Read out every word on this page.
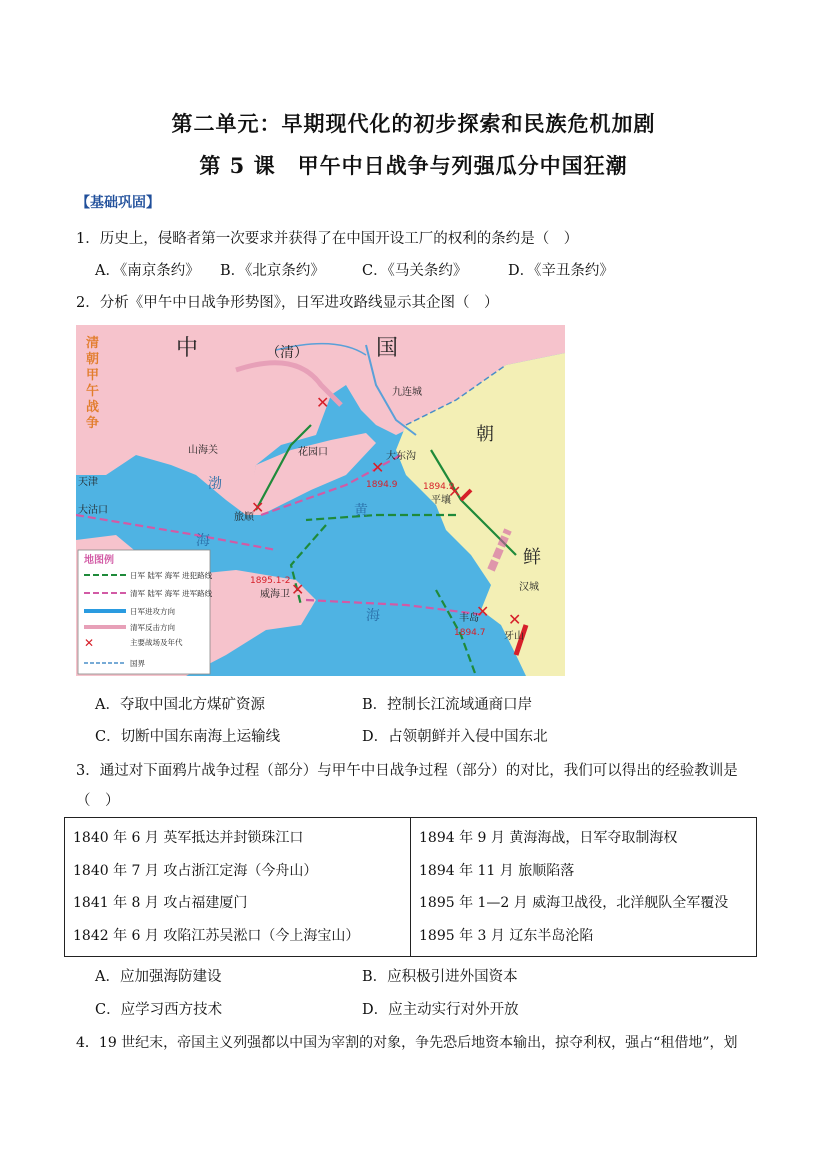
第二单元：早期现代化的初步探索和民族危机加剧
第 5 课　甲午中日战争与列强瓜分中国狂潮
【基础巩固】
1．历史上，侵略者第一次要求并获得了在中国开设工厂的权利的条约是（　）
A．《南京条约》 B．《北京条约》	C．《马关条约》	D．《辛丑条约》
2．分析《甲午中日战争形势图》，日军进攻路线显示其企图（　）
✕
✕
✕
✕
✕ ✕
✕
中	国
朝
鲜
（清）
清
朝
甲
午
战
争
山海关
天津
大沽口
花园口
旅顺
威海卫
九连城
大东沟
平壤
汉城
丰岛
牙山
渤
海
黄
海
1894.9	1894.9
1895.1-2
1894.7
地图例
日军 陆军 海军 进犯路线
清军 陆军 海军 进军路线
日军进攻方向
清军反击方向
✕	主要战场及年代
国界
A．夺取中国北方煤矿资源	B．控制长江流域通商口岸
C．切断中国东南海上运输线	D．占领朝鲜并入侵中国东北
3．通过对下面鸦片战争过程（部分）与甲午中日战争过程（部分）的对比，我们可以得出的经验教训是
（　）
1840 年 6 月 英军抵达并封锁珠江口
1840 年 7 月 攻占浙江定海（今舟山）
1841 年 8 月 攻占福建厦门
1842 年 6 月 攻陷江苏吴淞口（今上海宝山）

1894 年 9 月 黄海海战，日军夺取制海权
1894 年 11 月 旅顺陷落
1895 年 1—2 月 威海卫战役，北洋舰队全军覆没
1895 年 3 月 辽东半岛沦陷
A．应加强海防建设	B．应积极引进外国资本
C．应学习西方技术	D．应主动实行对外开放
4．19 世纪末，帝国主义列强都以中国为宰割的对象，争先恐后地资本输出，掠夺利权，强占“租借地”，划
